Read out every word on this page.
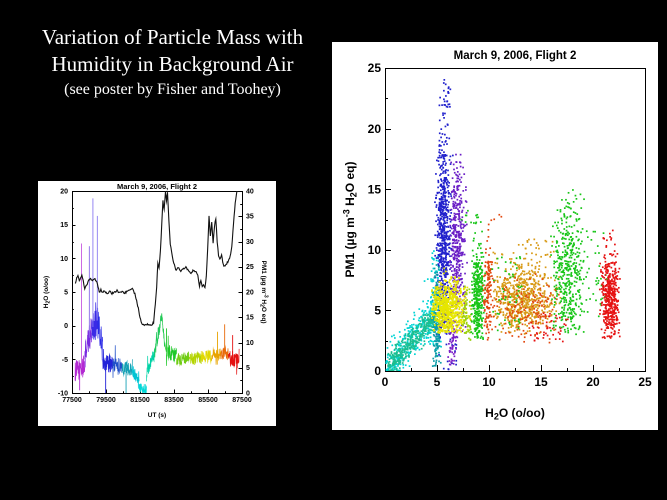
Variation of Particle Mass with
Humidity in Background Air
(see poster by Fisher and Toohey)
